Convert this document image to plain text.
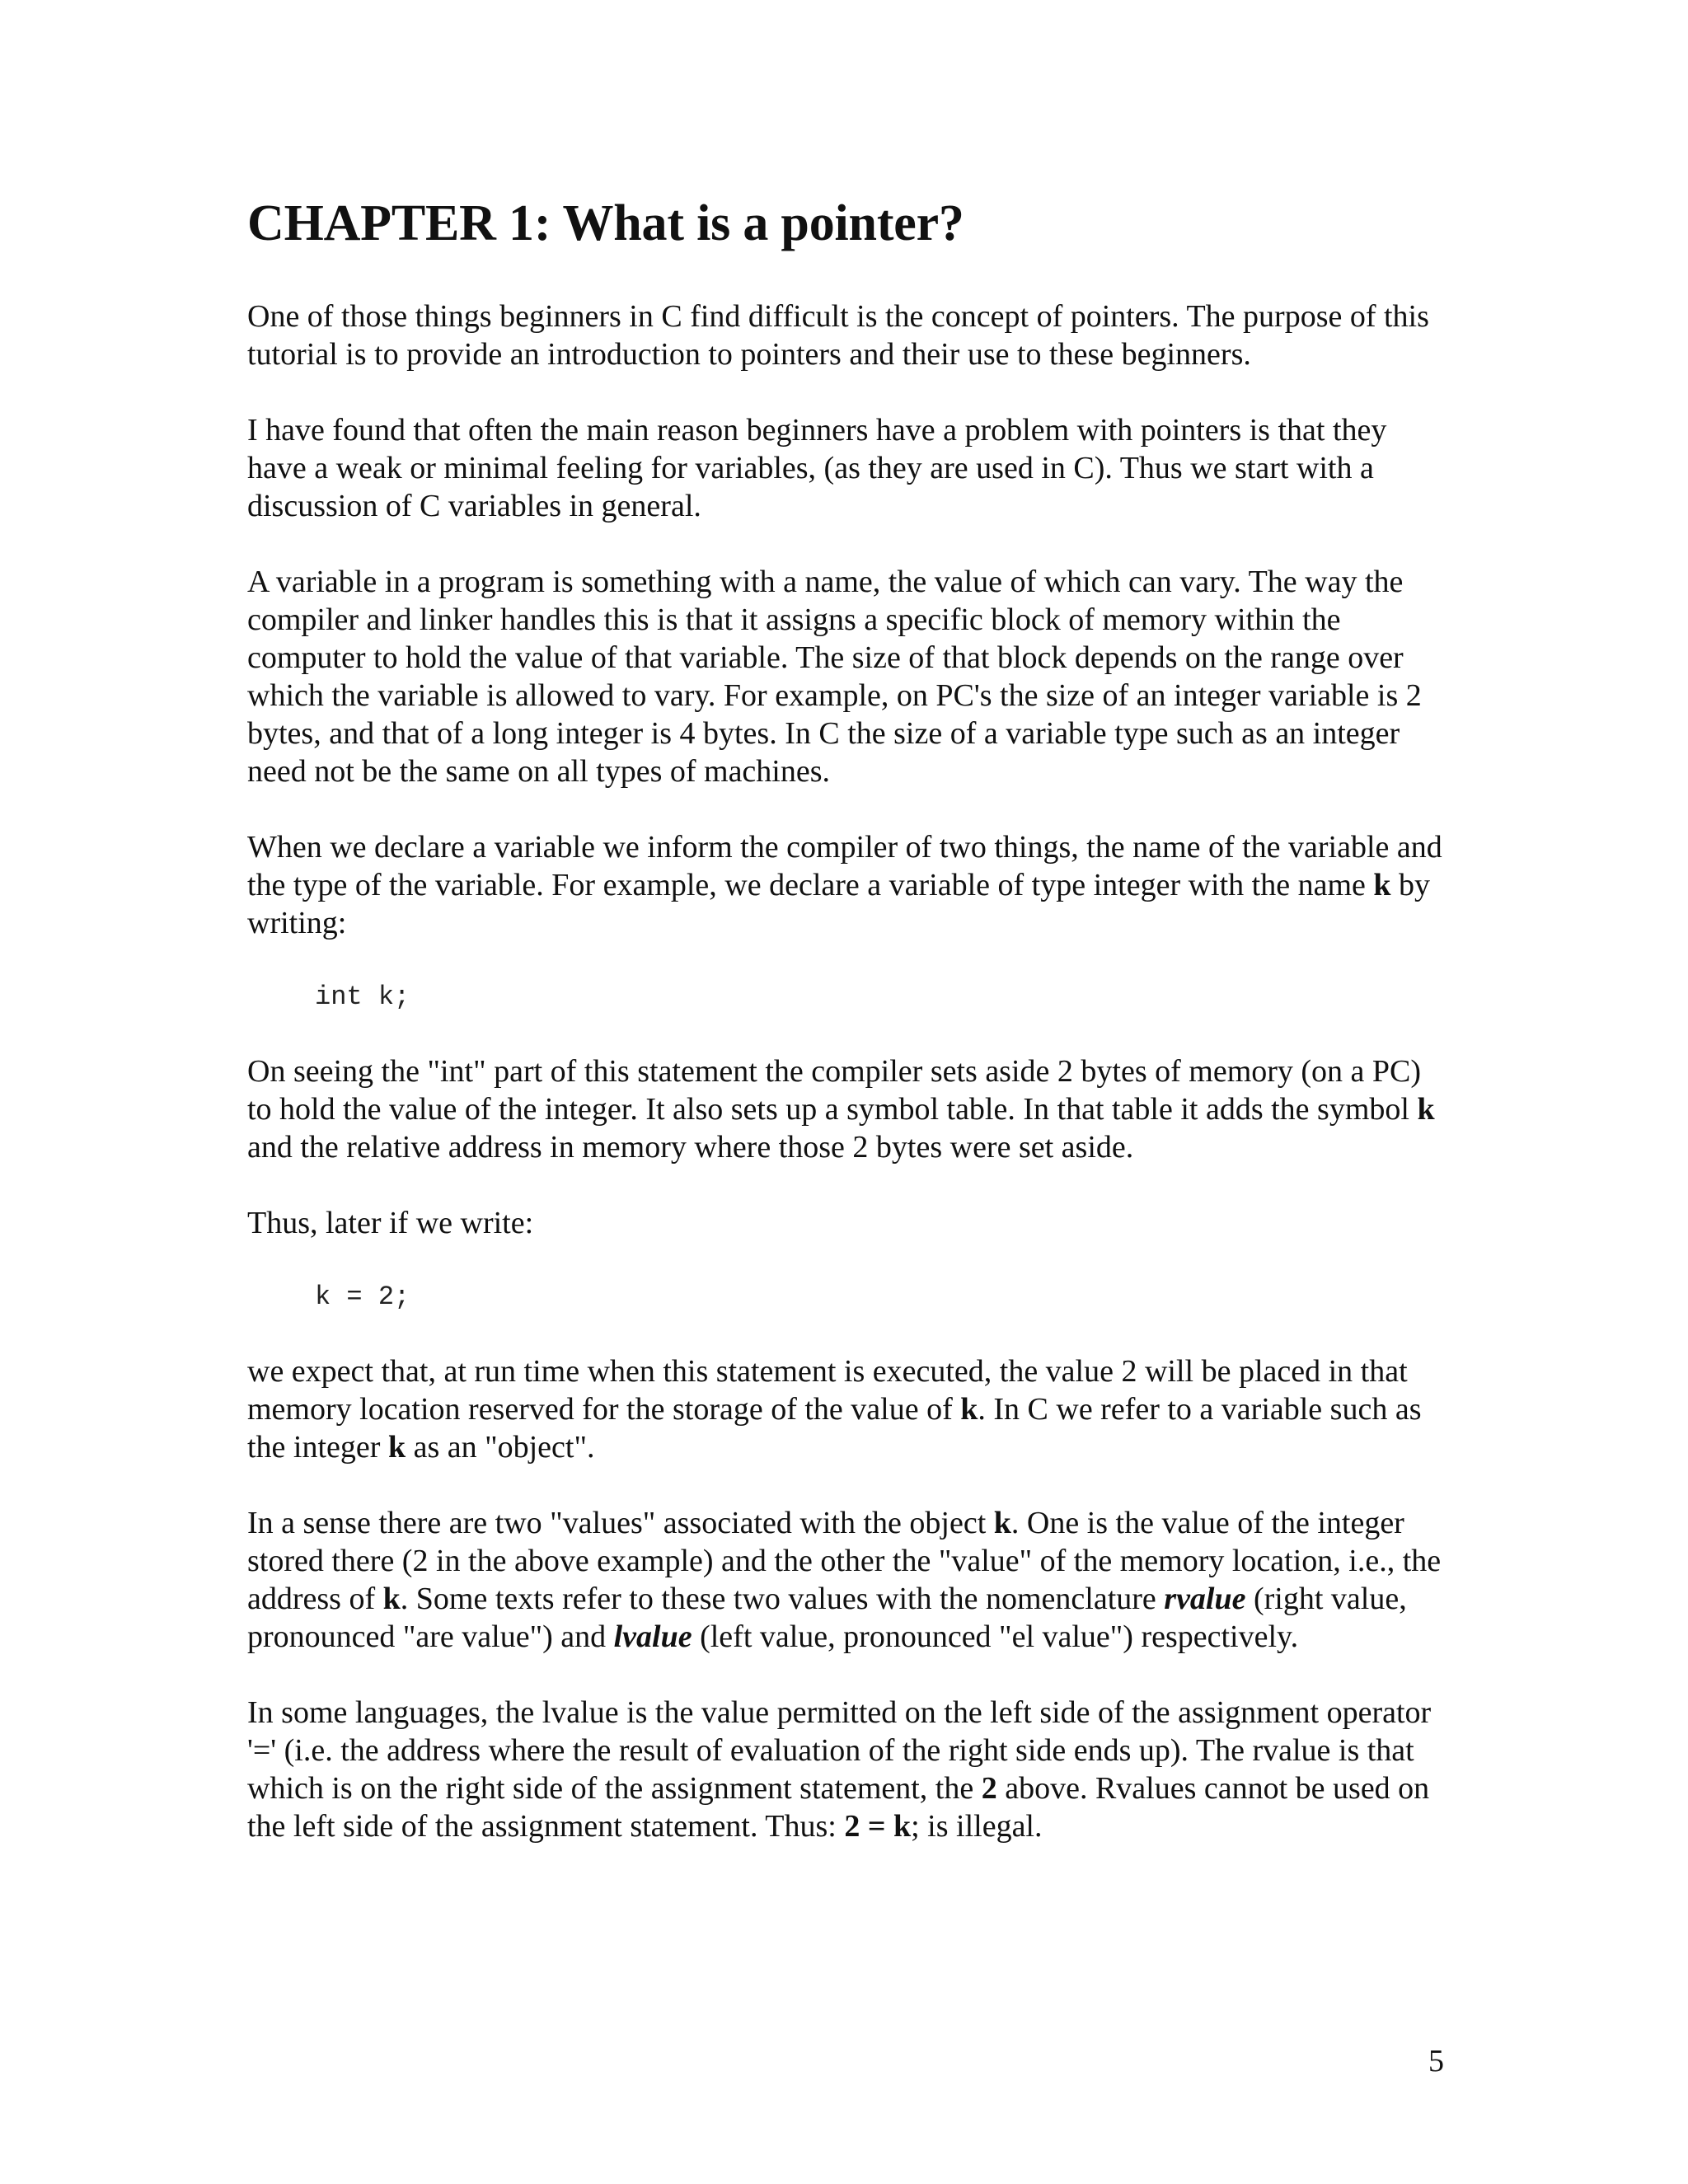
CHAPTER 1: What is a pointer?

One of those things beginners in C find difficult is the concept of pointers. The purpose of this tutorial is to provide an introduction to pointers and their use to these beginners.

I have found that often the main reason beginners have a problem with pointers is that they have a weak or minimal feeling for variables, (as they are used in C). Thus we start with a discussion of C variables in general.

A variable in a program is something with a name, the value of which can vary. The way the compiler and linker handles this is that it assigns a specific block of memory within the computer to hold the value of that variable. The size of that block depends on the range over which the variable is allowed to vary. For example, on PC's the size of an integer variable is 2 bytes, and that of a long integer is 4 bytes. In C the size of a variable type such as an integer need not be the same on all types of machines.

When we declare a variable we inform the compiler of two things, the name of the variable and the type of the variable. For example, we declare a variable of type integer with the name k by writing:

int k;

On seeing the "int" part of this statement the compiler sets aside 2 bytes of memory (on a PC) to hold the value of the integer. It also sets up a symbol table. In that table it adds the symbol k and the relative address in memory where those 2 bytes were set aside.

Thus, later if we write:

k = 2;

we expect that, at run time when this statement is executed, the value 2 will be placed in that memory location reserved for the storage of the value of k. In C we refer to a variable such as the integer k as an "object".

In a sense there are two "values" associated with the object k. One is the value of the integer stored there (2 in the above example) and the other the "value" of the memory location, i.e., the address of k. Some texts refer to these two values with the nomenclature rvalue (right value, pronounced "are value") and lvalue (left value, pronounced "el value") respectively.

In some languages, the lvalue is the value permitted on the left side of the assignment operator '=' (i.e. the address where the result of evaluation of the right side ends up). The rvalue is that which is on the right side of the assignment statement, the 2 above. Rvalues cannot be used on the left side of the assignment statement. Thus: 2 = k; is illegal.

5
